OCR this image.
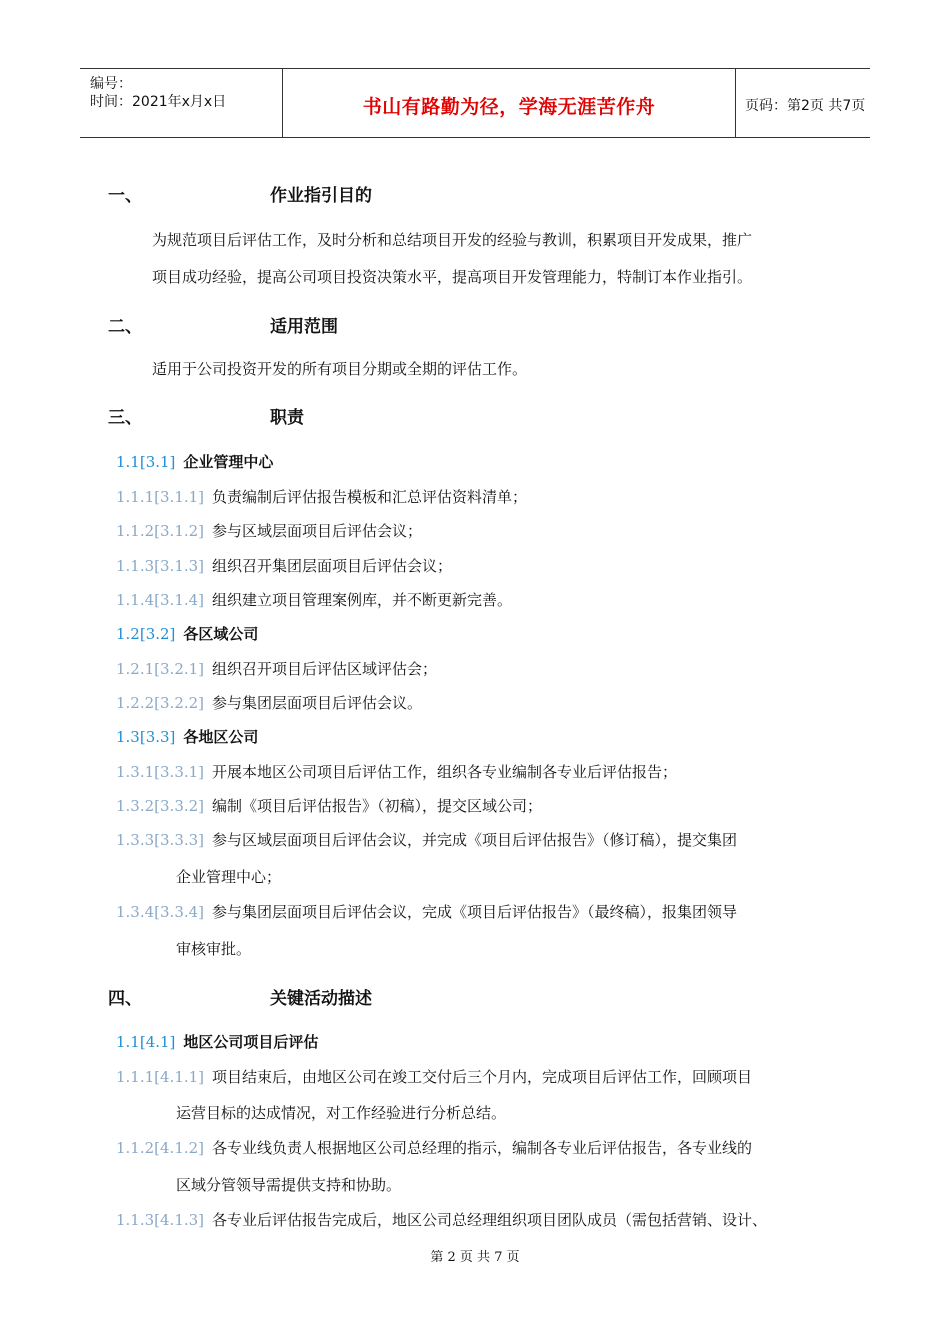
编号：
时间：2021年x月x日	书山有路勤为径，学海无涯苦作舟	页码：第2页 共7页
一、	作业指引目的
为规范项目后评估工作，及时分析和总结项目开发的经验与教训，积累项目开发成果，推广
项目成功经验，提高公司项目投资决策水平，提高项目开发管理能力，特制订本作业指引。
二、	适用范围
适用于公司投资开发的所有项目分期或全期的评估工作。
三、	职责
1.1[3.1] 企业管理中心
1.1.1[3.1.1] 负责编制后评估报告模板和汇总评估资料清单；
1.1.2[3.1.2] 参与区域层面项目后评估会议；
1.1.3[3.1.3] 组织召开集团层面项目后评估会议；
1.1.4[3.1.4] 组织建立项目管理案例库，并不断更新完善。
1.2[3.2] 各区域公司
1.2.1[3.2.1] 组织召开项目后评估区域评估会；
1.2.2[3.2.2] 参与集团层面项目后评估会议。
1.3[3.3] 各地区公司
1.3.1[3.3.1] 开展本地区公司项目后评估工作，组织各专业编制各专业后评估报告；
1.3.2[3.3.2] 编制《项目后评估报告》（初稿），提交区域公司；
1.3.3[3.3.3] 参与区域层面项目后评估会议，并完成《项目后评估报告》（修订稿），提交集团
企业管理中心；
1.3.4[3.3.4] 参与集团层面项目后评估会议，完成《项目后评估报告》（最终稿），报集团领导
审核审批。
四、	关键活动描述
1.1[4.1] 地区公司项目后评估
1.1.1[4.1.1] 项目结束后，由地区公司在竣工交付后三个月内，完成项目后评估工作，回顾项目
运营目标的达成情况，对工作经验进行分析总结。
1.1.2[4.1.2] 各专业线负责人根据地区公司总经理的指示，编制各专业后评估报告，各专业线的
区域分管领导需提供支持和协助。
1.1.3[4.1.3] 各专业后评估报告完成后，地区公司总经理组织项目团队成员（需包括营销、设计、
第 2 页 共 7 页
